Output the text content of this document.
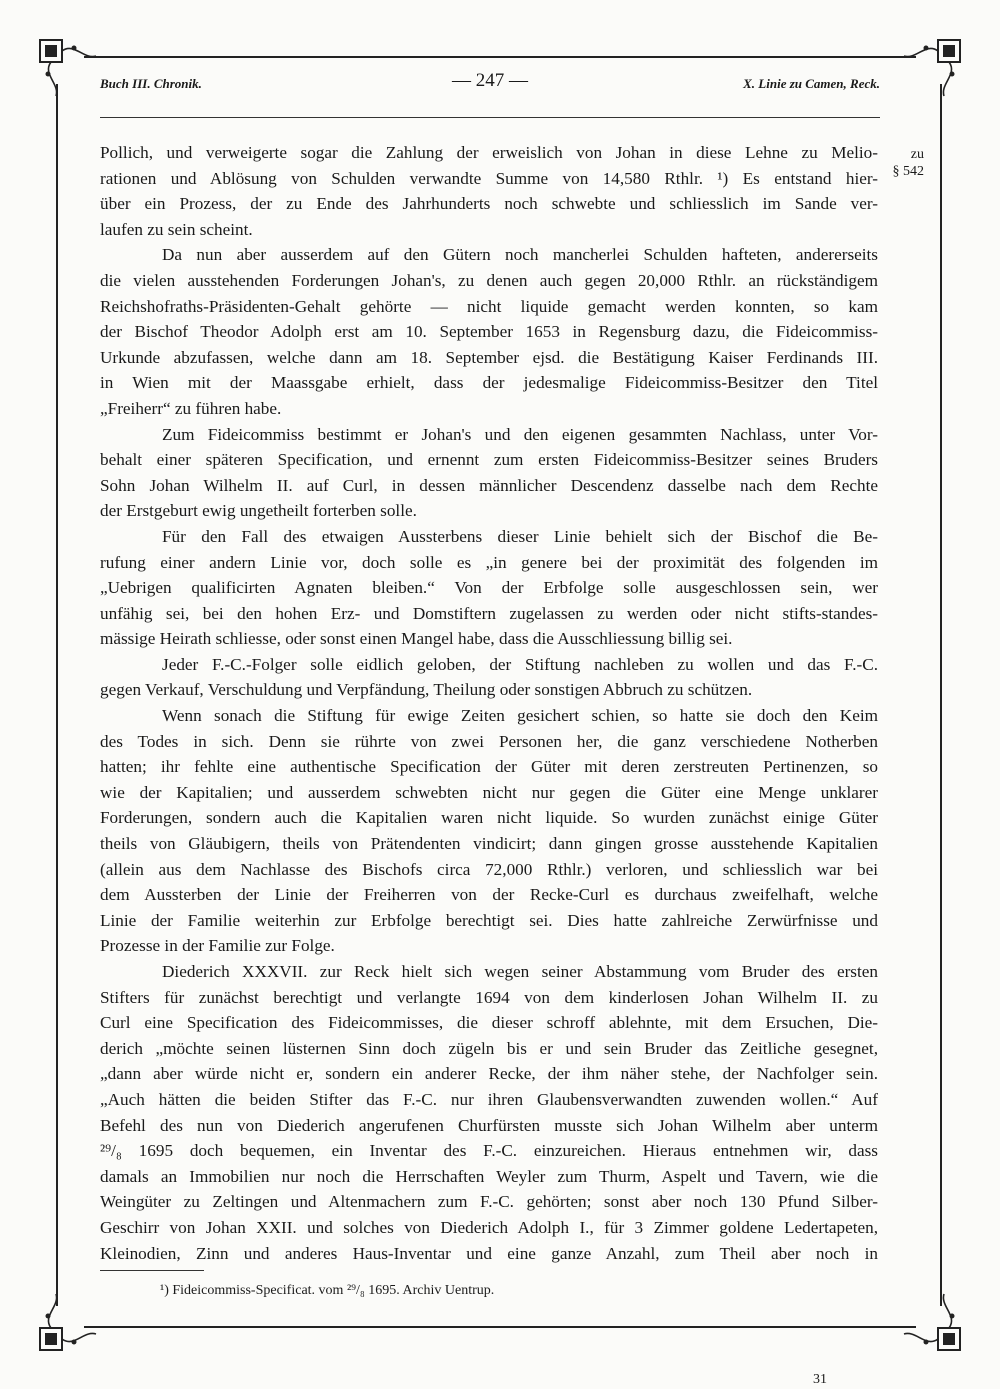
Buch III. Chronik.	— 247 —	X. Linie zu Camen, Reck.
zu
§ 542
Pollich, und verweigerte sogar die Zahlung der erweislich von Johan in diese Lehne zu Melio-
rationen und Ablösung von Schulden verwandte Summe von 14,580 Rthlr. ¹) Es entstand hier-
über ein Prozess, der zu Ende des Jahrhunderts noch schwebte und schliesslich im Sande ver-
laufen zu sein scheint.
Da nun aber ausserdem auf den Gütern noch mancherlei Schulden hafteten, andererseits
die vielen ausstehenden Forderungen Johan's, zu denen auch gegen 20,000 Rthlr. an rückständigem
Reichshofraths-Präsidenten-Gehalt gehörte — nicht liquide gemacht werden konnten, so kam
der Bischof Theodor Adolph erst am 10. September 1653 in Regensburg dazu, die Fideicommiss-
Urkunde abzufassen, welche dann am 18. September ejsd. die Bestätigung Kaiser Ferdinands III.
in Wien mit der Maassgabe erhielt, dass der jedesmalige Fideicommiss-Besitzer den Titel
„Freiherr“ zu führen habe.
Zum Fideicommiss bestimmt er Johan's und den eigenen gesammten Nachlass, unter Vor-
behalt einer späteren Specification, und ernennt zum ersten Fideicommiss-Besitzer seines Bruders
Sohn Johan Wilhelm II. auf Curl, in dessen männlicher Descendenz dasselbe nach dem Rechte
der Erstgeburt ewig ungetheilt forterben solle.
Für den Fall des etwaigen Aussterbens dieser Linie behielt sich der Bischof die Be-
rufung einer andern Linie vor, doch solle es „in genere bei der proximität des folgenden im
„Uebrigen qualificirten Agnaten bleiben.“ Von der Erbfolge solle ausgeschlossen sein, wer
unfähig sei, bei den hohen Erz- und Domstiftern zugelassen zu werden oder nicht stifts-standes-
mässige Heirath schliesse, oder sonst einen Mangel habe, dass die Ausschliessung billig sei.
Jeder F.-C.-Folger solle eidlich geloben, der Stiftung nachleben zu wollen und das F.-C.
gegen Verkauf, Verschuldung und Verpfändung, Theilung oder sonstigen Abbruch zu schützen.
Wenn sonach die Stiftung für ewige Zeiten gesichert schien, so hatte sie doch den Keim
des Todes in sich. Denn sie rührte von zwei Personen her, die ganz verschiedene Notherben
hatten; ihr fehlte eine authentische Specification der Güter mit deren zerstreuten Pertinenzen, so
wie der Kapitalien; und ausserdem schwebten nicht nur gegen die Güter eine Menge unklarer
Forderungen, sondern auch die Kapitalien waren nicht liquide. So wurden zunächst einige Güter
theils von Gläubigern, theils von Prätendenten vindicirt; dann gingen grosse ausstehende Kapitalien
(allein aus dem Nachlasse des Bischofs circa 72,000 Rthlr.) verloren, und schliesslich war bei
dem Aussterben der Linie der Freiherren von der Recke-Curl es durchaus zweifelhaft, welche
Linie der Familie weiterhin zur Erbfolge berechtigt sei. Dies hatte zahlreiche Zerwürfnisse und
Prozesse in der Familie zur Folge.
Diederich XXXVII. zur Reck hielt sich wegen seiner Abstammung vom Bruder des ersten
Stifters für zunächst berechtigt und verlangte 1694 von dem kinderlosen Johan Wilhelm II. zu
Curl eine Specification des Fideicommisses, die dieser schroff ablehnte, mit dem Ersuchen, Die-
derich „möchte seinen lüsternen Sinn doch zügeln bis er und sein Bruder das Zeitliche gesegnet,
„dann aber würde nicht er, sondern ein anderer Recke, der ihm näher stehe, der Nachfolger sein.
„Auch hätten die beiden Stifter das F.-C. nur ihren Glaubensverwandten zuwenden wollen.“ Auf
Befehl des nun von Diederich angerufenen Churfürsten musste sich Johan Wilhelm aber unterm
²⁹/₈ 1695 doch bequemen, ein Inventar des F.-C. einzureichen. Hieraus entnehmen wir, dass
damals an Immobilien nur noch die Herrschaften Weyler zum Thurm, Aspelt und Tavern, wie die
Weingüter zu Zeltingen und Altenmachern zum F.-C. gehörten; sonst aber noch 130 Pfund Silber-
Geschirr von Johan XXII. und solches von Diederich Adolph I., für 3 Zimmer goldene Ledertapeten,
Kleinodien, Zinn und anderes Haus-Inventar und eine ganze Anzahl, zum Theil aber noch in
¹) Fideicommiss-Specificat. vom ²⁹/₈ 1695. Archiv Uentrup.
31
